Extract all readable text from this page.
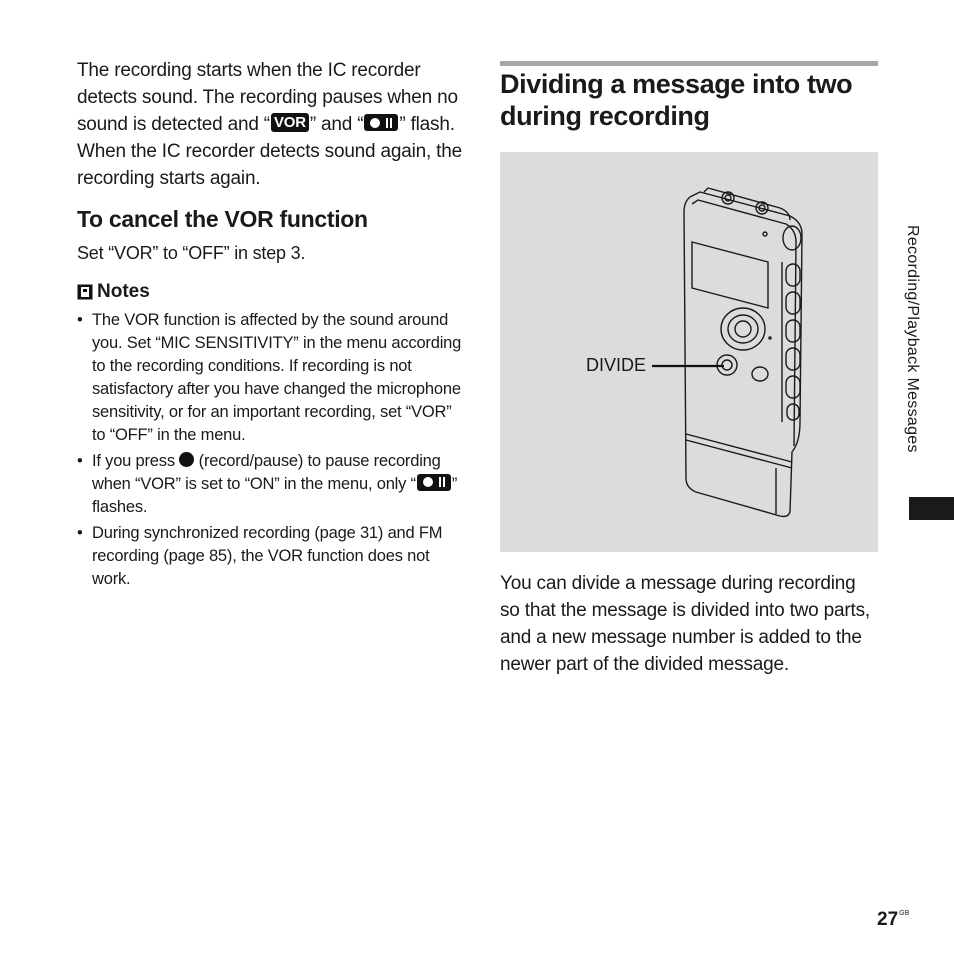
The recording starts when the IC recorder detects sound. The recording pauses when no sound is detected and “ VOR ” and “ ” flash. When the IC recorder detects sound again, the recording starts again.
To cancel the VOR function
Set “VOR” to “OFF” in step 3.
Notes
• The VOR function is affected by the sound around you. Set “MIC SENSITIVITY” in the menu according to the recording conditions. If recording is not satisfactory after you have changed the microphone sensitivity, or for an important recording, set “VOR” to “OFF” in the menu.
• If you press  (record/pause) to pause recording when “VOR” is set to “ON” in the menu, only “ ” flashes.
• During synchronized recording (page 31) and FM recording (page 85), the VOR function does not work.
Dividing a message into two
during recording
DIVIDE
You can divide a message during recording so that the message is divided into two parts, and a new message number is added to the newer part of the divided message.
Recording/Playback Messages
$27^{GB}$
